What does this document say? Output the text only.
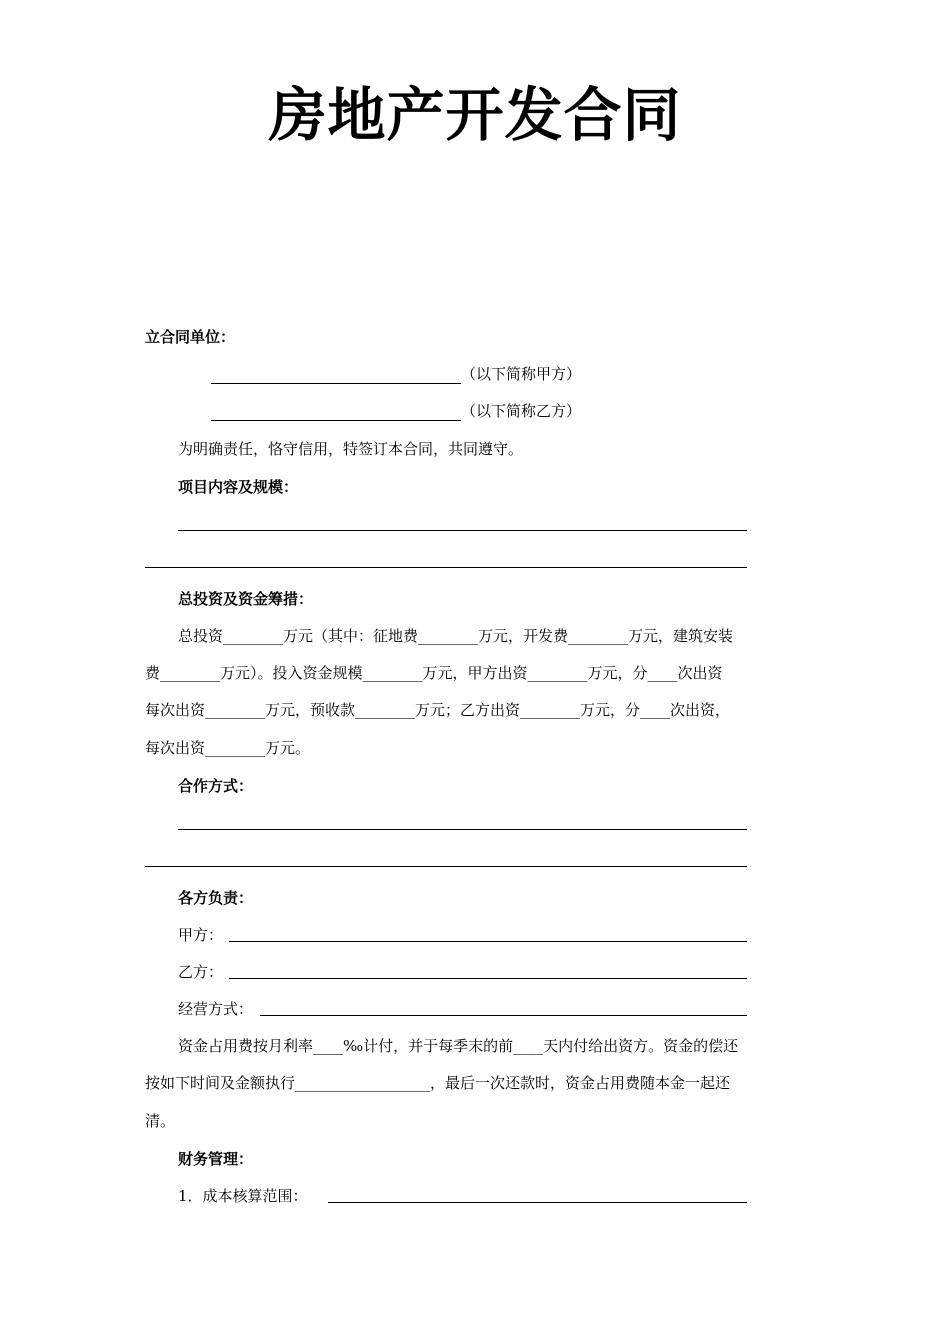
房地产开发合同
立合同单位：
（以下简称甲方）
（以下简称乙方）
为明确责任，恪守信用，特签订本合同，共同遵守。
项目内容及规模：
总投资及资金筹措：
总投资________万元（其中：征地费________万元，开发费________万元，建筑安装
费________万元）。投入资金规模________万元，甲方出资________万元，分____次出资
每次出资________万元，预收款________万元；乙方出资________万元，分____次出资，
每次出资________万元。
合作方式：
各方负责：
甲方：
乙方：
经营方式：
资金占用费按月利率____‰计付，并于每季末的前____天内付给出资方。资金的偿还
按如下时间及金额执行__________________，最后一次还款时，资金占用费随本金一起还
清。
财务管理：
1．成本核算范围：
